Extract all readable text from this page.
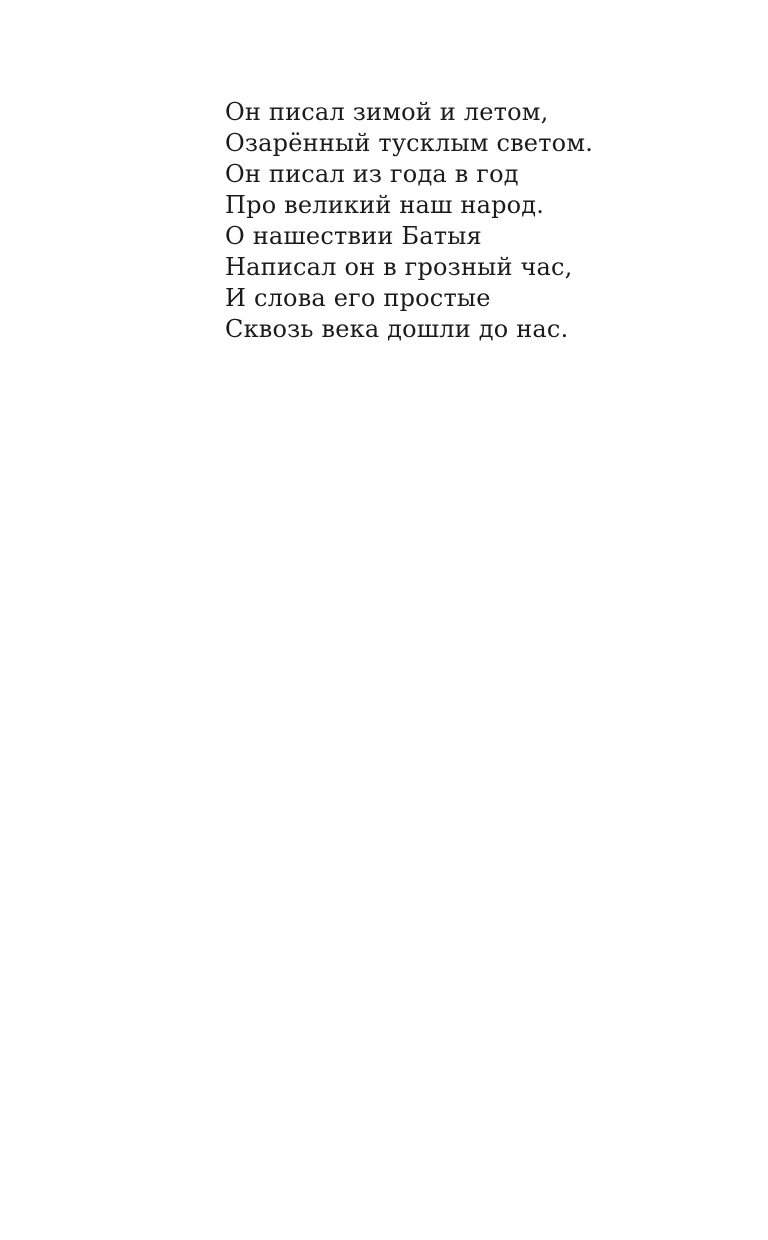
Он писал зимой и летом,
Озарённый тусклым светом.
Он писал из года в год
Про великий наш народ.
О нашествии Батыя
Написал он в грозный час,
И слова его простые
Сквозь века дошли до нас.
